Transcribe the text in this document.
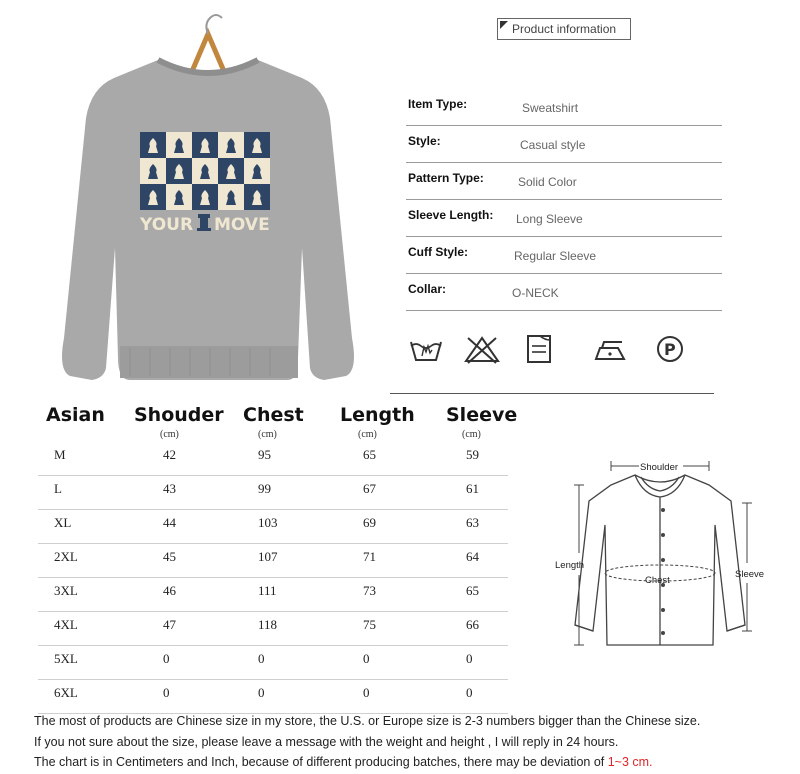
YOUR MOVE
Product information
Item Type:	Sweatshirt
Style:	Casual style
Pattern Type:	Solid Color
Sleeve Length: Long Sleeve
Cuff Style:	Regular Sleeve
Collar:	O-NECK
P
Asian Shouder Chest Length Sleeve
(cm)	(cm)	(cm)	(cm)
M	42	95	65	59
L	43	99	67	61
XL	44	103	69	63
2XL	45	107	71	64
3XL	46	111	73	65
4XL	47	118	75	66
5XL	0	0	0	0
6XL	0	0	0	0
Shoulder
Chest
Length
Sleeve
The most of products are Chinese size in my store, the U.S. or Europe size is 2-3 numbers bigger than the Chinese size.
If you not sure about the size, please leave a message with the weight and height , I will reply in 24 hours.
The chart is in Centimeters and Inch, because of different producing batches, there may be deviation of 1~3 cm.
